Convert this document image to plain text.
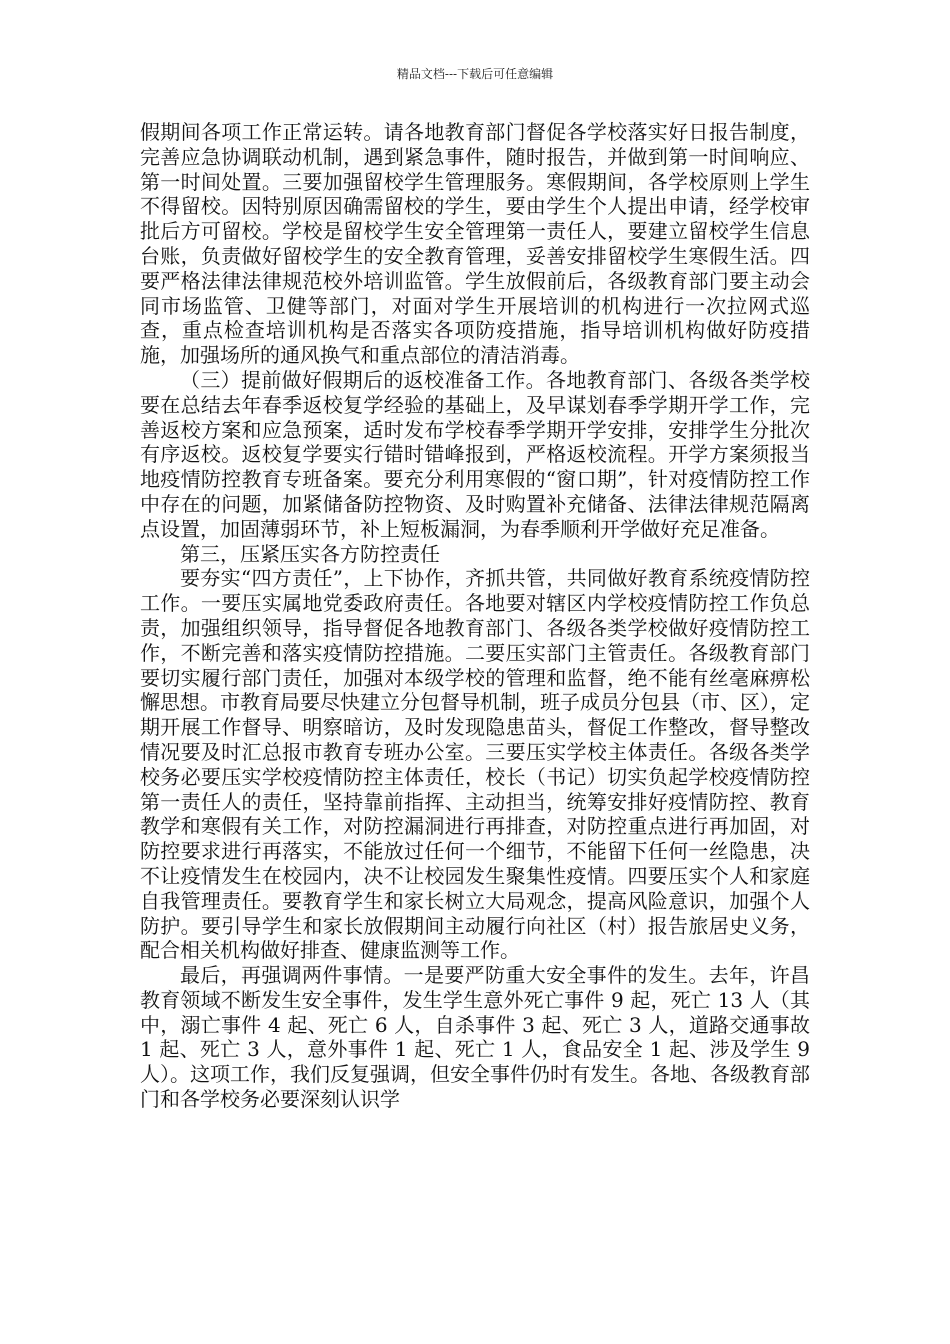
精品文档---下载后可任意编辑

假期间各项工作正常运转。请各地教育部门督促各学校落实好日报告制度，完善应急协调联动机制，遇到紧急事件，随时报告，并做到第一时间响应、第一时间处置。三要加强留校学生管理服务。寒假期间，各学校原则上学生不得留校。因特别原因确需留校的学生，要由学生个人提出申请，经学校审批后方可留校。学校是留校学生安全管理第一责任人，要建立留校学生信息台账，负责做好留校学生的安全教育管理，妥善安排留校学生寒假生活。四要严格法律法律规范校外培训监管。学生放假前后，各级教育部门要主动会同市场监管、卫健等部门，对面对学生开展培训的机构进行一次拉网式巡查，重点检查培训机构是否落实各项防疫措施，指导培训机构做好防疫措施，加强场所的通风换气和重点部位的清洁消毒。

（三）提前做好假期后的返校准备工作。各地教育部门、各级各类学校要在总结去年春季返校复学经验的基础上，及早谋划春季学期开学工作，完善返校方案和应急预案，适时发布学校春季学期开学安排，安排学生分批次有序返校。返校复学要实行错时错峰报到，严格返校流程。开学方案须报当地疫情防控教育专班备案。要充分利用寒假的“窗口期”，针对疫情防控工作中存在的问题，加紧储备防控物资、及时购置补充储备、法律法律规范隔离点设置，加固薄弱环节，补上短板漏洞，为春季顺利开学做好充足准备。

第三，压紧压实各方防控责任

要夯实“四方责任”，上下协作，齐抓共管，共同做好教育系统疫情防控工作。一要压实属地党委政府责任。各地要对辖区内学校疫情防控工作负总责，加强组织领导，指导督促各地教育部门、各级各类学校做好疫情防控工作，不断完善和落实疫情防控措施。二要压实部门主管责任。各级教育部门要切实履行部门责任，加强对本级学校的管理和监督，绝不能有丝毫麻痹松懈思想。市教育局要尽快建立分包督导机制，班子成员分包县（市、区），定期开展工作督导、明察暗访，及时发现隐患苗头，督促工作整改，督导整改情况要及时汇总报市教育专班办公室。三要压实学校主体责任。各级各类学校务必要压实学校疫情防控主体责任，校长（书记）切实负起学校疫情防控第一责任人的责任，坚持靠前指挥、主动担当，统筹安排好疫情防控、教育教学和寒假有关工作，对防控漏洞进行再排查，对防控重点进行再加固，对防控要求进行再落实，不能放过任何一个细节，不能留下任何一丝隐患，决不让疫情发生在校园内，决不让校园发生聚集性疫情。四要压实个人和家庭自我管理责任。要教育学生和家长树立大局观念，提高风险意识，加强个人防护。要引导学生和家长放假期间主动履行向社区（村）报告旅居史义务，配合相关机构做好排查、健康监测等工作。

最后，再强调两件事情。一是要严防重大安全事件的发生。去年，许昌教育领域不断发生安全事件，发生学生意外死亡事件 9 起，死亡 13 人（其中，溺亡事件 4 起、死亡 6 人，自杀事件 3 起、死亡 3 人，道路交通事故 1 起、死亡 3 人，意外事件 1 起、死亡 1 人，食品安全 1 起、涉及学生 9 人）。这项工作，我们反复强调，但安全事件仍时有发生。各地、各级教育部门和各学校务必要深刻认识学
